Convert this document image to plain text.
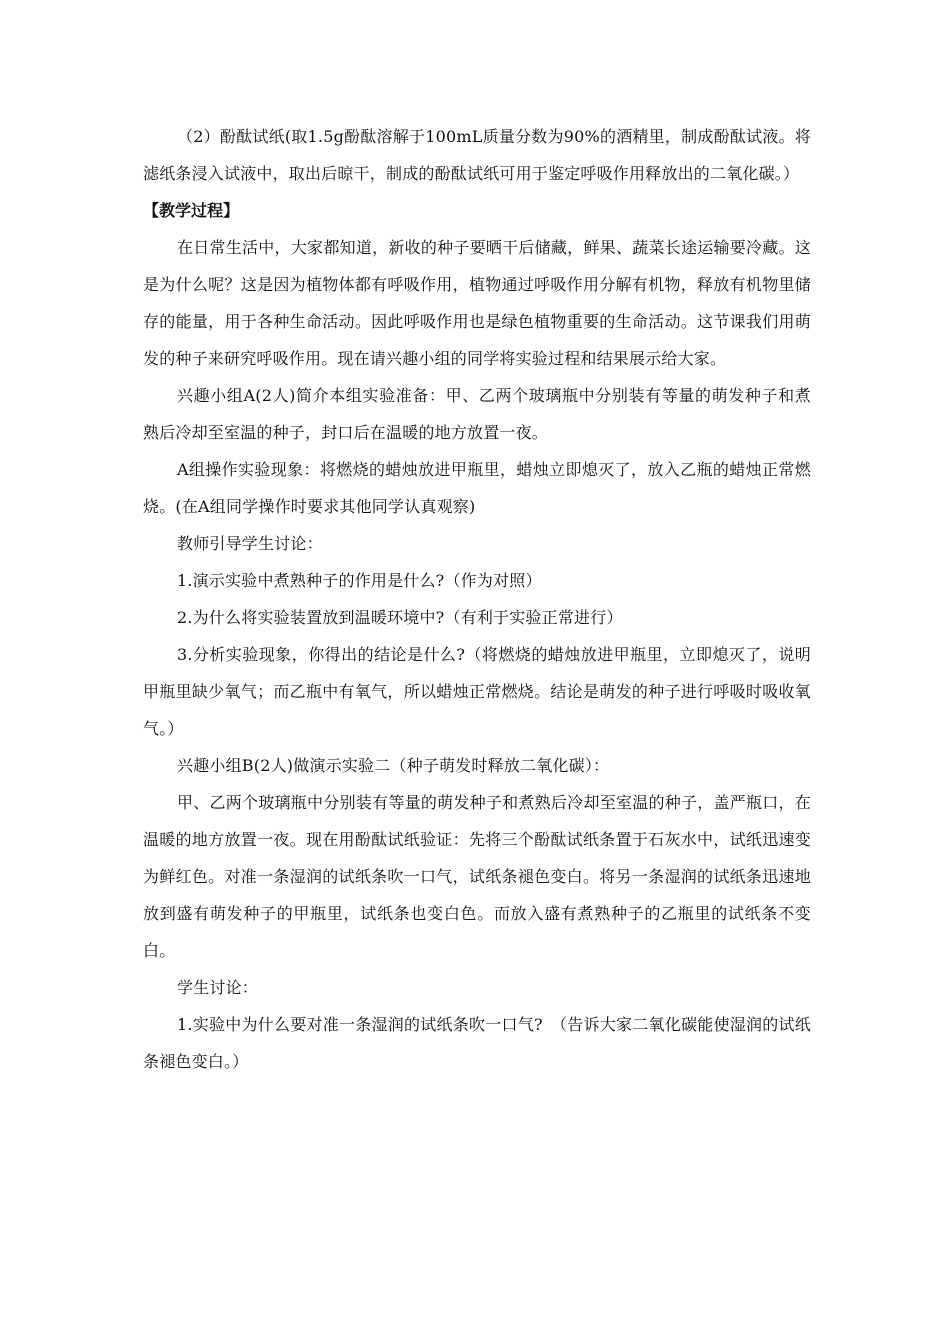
（2）酚酞试纸(取1.5g酚酞溶解于100mL质量分数为90%的酒精里，制成酚酞试液。将滤纸条浸入试液中，取出后晾干，制成的酚酞试纸可用于鉴定呼吸作用释放出的二氧化碳。）

【教学过程】

在日常生活中，大家都知道，新收的种子要晒干后储藏，鲜果、蔬菜长途运输要冷藏。这是为什么呢？这是因为植物体都有呼吸作用，植物通过呼吸作用分解有机物，释放有机物里储存的能量，用于各种生命活动。因此呼吸作用也是绿色植物重要的生命活动。这节课我们用萌发的种子来研究呼吸作用。现在请兴趣小组的同学将实验过程和结果展示给大家。

兴趣小组A(2人)简介本组实验准备：甲、乙两个玻璃瓶中分别装有等量的萌发种子和煮熟后冷却至室温的种子，封口后在温暖的地方放置一夜。

A组操作实验现象：将燃烧的蜡烛放进甲瓶里，蜡烛立即熄灭了，放入乙瓶的蜡烛正常燃烧。(在A组同学操作时要求其他同学认真观察)

教师引导学生讨论：

1.演示实验中煮熟种子的作用是什么?（作为对照）

2.为什么将实验装置放到温暖环境中?（有利于实验正常进行）

3.分析实验现象，你得出的结论是什么?（将燃烧的蜡烛放进甲瓶里，立即熄灭了，说明甲瓶里缺少氧气；而乙瓶中有氧气，所以蜡烛正常燃烧。结论是萌发的种子进行呼吸时吸收氧气。）

兴趣小组B(2人)做演示实验二（种子萌发时释放二氧化碳）：

甲、乙两个玻璃瓶中分别装有等量的萌发种子和煮熟后冷却至室温的种子，盖严瓶口，在温暖的地方放置一夜。现在用酚酞试纸验证：先将三个酚酞试纸条置于石灰水中，试纸迅速变为鲜红色。对准一条湿润的试纸条吹一口气，试纸条褪色变白。将另一条湿润的试纸条迅速地放到盛有萌发种子的甲瓶里，试纸条也变白色。而放入盛有煮熟种子的乙瓶里的试纸条不变白。

学生讨论：

1.实验中为什么要对准一条湿润的试纸条吹一口气?　（告诉大家二氧化碳能使湿润的试纸条褪色变白。）
